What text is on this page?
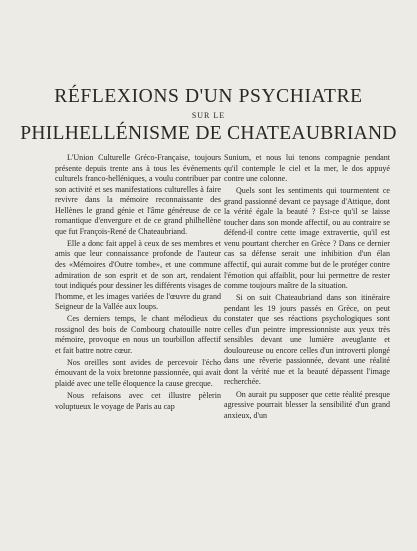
RÉFLEXIONS D'UN PSYCHIATRE
SUR LE
PHILHELLÉNISME DE CHATEAUBRIAND

L'Union Culturelle Gréco-Française, toujours présente depuis trente ans à tous les événements culturels franco-helléniques, a voulu contribuer par son activité et ses manifestations culturelles à faire revivre dans la mémoire reconnaissante des Hellènes le grand génie et l'âme généreuse de ce romantique d'envergure et de ce grand philhellène que fut François-René de Chateaubriand.

Elle a donc fait appel à ceux de ses membres et amis que leur connaissance profonde de l'auteur des «Mémoires d'Outre tombe», et une commune admiration de son esprit et de son art, rendaient tout indiqués pour dessiner les différents visages de l'homme, et les images variées de l'œuvre du grand Seigneur de la Vallée aux loups.

Ces derniers temps, le chant mélodieux du rossignol des bois de Combourg chatouille notre mémoire, provoque en nous un tourbillon affectif et fait battre notre cœur.

Nos oreilles sont avides de percevoir l'écho émouvant de la voix bretonne passionnée, qui avait plaidé avec une telle éloquence la cause grecque.

Nous refaisons avec cet illustre pèlerin voluptueux le voyage de Paris au cap

Sunium, et nous lui tenons compagnie pendant qu'il contemple le ciel et la mer, le dos appuyé contre une colonne.

Quels sont les sentiments qui tourmentent ce grand passionné devant ce paysage d'Attique, dont la vérité égale la beauté ? Est-ce qu'il se laisse toucher dans son monde affectif, ou au contraire se défend-il contre cette image extravertie, qu'il est venu pourtant chercher en Grèce ? Dans ce dernier cas sa défense serait une inhibition d'un élan affectif, qui aurait comme but de le protéger contre l'émotion qui affaiblit, pour lui permettre de rester comme toujours maître de la situation.

Si on suit Chateaubriand dans son itinéraire pendant les 19 jours passés en Grèce, on peut constater que ses réactions psychologiques sont celles d'un peintre impressionniste aux yeux très sensibles devant une lumière aveuglante et douloureuse ou encore celles d'un introverti plongé dans une rêverie passionnée, devant une réalité dont la vérité nue et la beauté dépassent l'image recherchée.

On aurait pu supposer que cette réalité presque agressive pourrait blesser la sensibilité d'un grand anxieux, d'un
